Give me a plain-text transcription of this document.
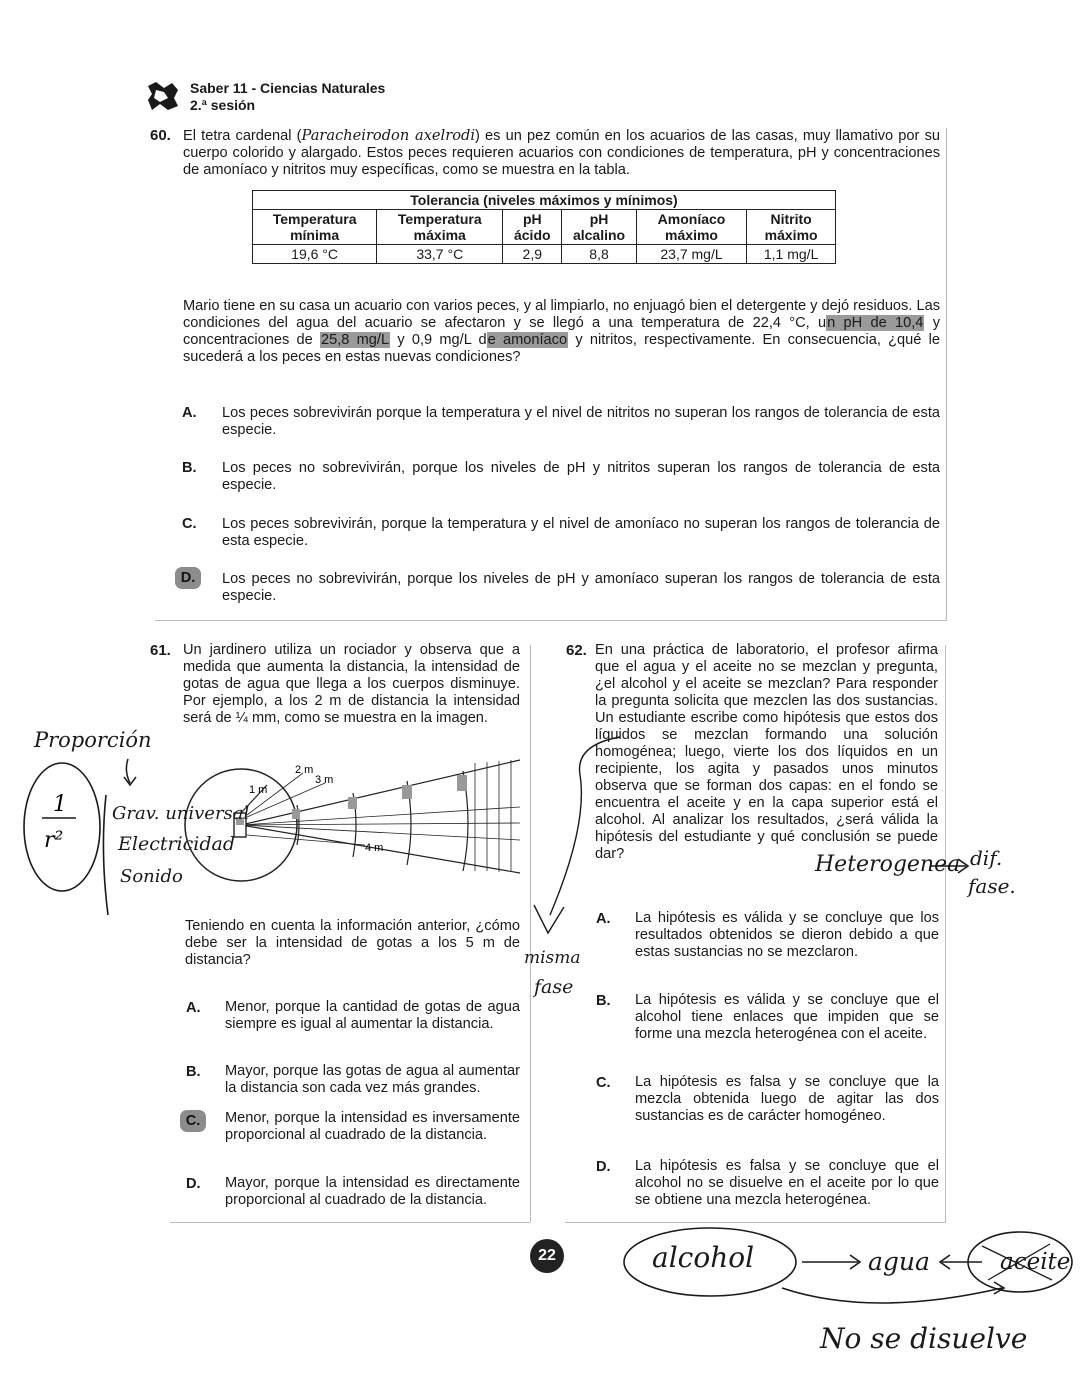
Saber 11 - Ciencias Naturales
2.ª sesión
60. El tetra cardenal (Paracheirodon axelrodi) es un pez común en los acuarios de las casas, muy llamativo por su cuerpo colorido y alargado. Estos peces requieren acuarios con condiciones de temperatura, pH y concentraciones de amoníaco y nitritos muy específicas, como se muestra en la tabla.
Tolerancia (niveles máximos y mínimos)					
Temperatura mínima	Temperatura máxima	pH ácido	pH alcalino	Amoníaco máximo	Nitrito máximo
19,6 °C	33,7 °C	2,9	8,8	23,7 mg/L	1,1 mg/L
Mario tiene en su casa un acuario con varios peces, y al limpiarlo, no enjuagó bien el detergente y dejó residuos. Las condiciones del agua del acuario se afectaron y se llegó a una temperatura de 22,4 °C, un pH de 10,4 y concentraciones de 25,8 mg/L y 0,9 mg/L de amoníaco y nitritos, respectivamente. En consecuencia, ¿qué le sucederá a los peces en estas nuevas condiciones?
A. Los peces sobrevivirán porque la temperatura y el nivel de nitritos no superan los rangos de tolerancia de esta especie.
B. Los peces no sobrevivirán, porque los niveles de pH y nitritos superan los rangos de tolerancia de esta especie.
C. Los peces sobrevivirán, porque la temperatura y el nivel de amoníaco no superan los rangos de tolerancia de esta especie.
D.	Los peces no sobrevivirán, porque los niveles de pH y amoníaco superan los rangos de tolerancia de esta especie.
61. Un jardinero utiliza un rociador y observa que a medida que aumenta la distancia, la intensidad de gotas de agua que llega a los cuerpos disminuye. Por ejemplo, a los 2 m de distancia la intensidad será de ¼ mm, como se muestra en la imagen.
1 m
2 m
3 m
4 m
Teniendo en cuenta la información anterior, ¿cómo debe ser la intensidad de gotas a los 5 m de distancia?
A. Menor, porque la cantidad de gotas de agua siempre es igual al aumentar la distancia.
B. Mayor, porque las gotas de agua al aumentar la distancia son cada vez más grandes.
C.	Menor, porque la intensidad es inversamente proporcional al cuadrado de la distancia.
D. Mayor, porque la intensidad es directamente proporcional al cuadrado de la distancia.
62. En una práctica de laboratorio, el profesor afirma que el agua y el aceite no se mezclan y pregunta, ¿el alcohol y el aceite se mezclan? Para responder la pregunta solicita que mezclen las dos sustancias. Un estudiante escribe como hipótesis que estos dos líquidos se mezclan formando una solución homogénea; luego, vierte los dos líquidos en un recipiente, los agita y pasados unos minutos observa que se forman dos capas: en el fondo se encuentra el aceite y en la capa superior está el alcohol. Al analizar los resultados, ¿será válida la hipótesis del estudiante y qué conclusión se puede dar?
A. La hipótesis es válida y se concluye que los resultados obtenidos se dieron debido a que estas sustancias no se mezclaron.
B. La hipótesis es válida y se concluye que el alcohol tiene enlaces que impiden que se forme una mezcla heterogénea con el aceite.
C. La hipótesis es falsa y se concluye que la mezcla obtenida luego de agitar las dos sustancias es de carácter homogéneo.
D. La hipótesis es falsa y se concluye que el alcohol no se disuelve en el aceite por lo que se obtiene una mezcla heterogénea.
22
Proporción
1
r²
Grav. universal
Electricidad
Sonido	Heterogenea dif.
fase.
misma
fase
alcohol	agua	aceite
No se disuelve
